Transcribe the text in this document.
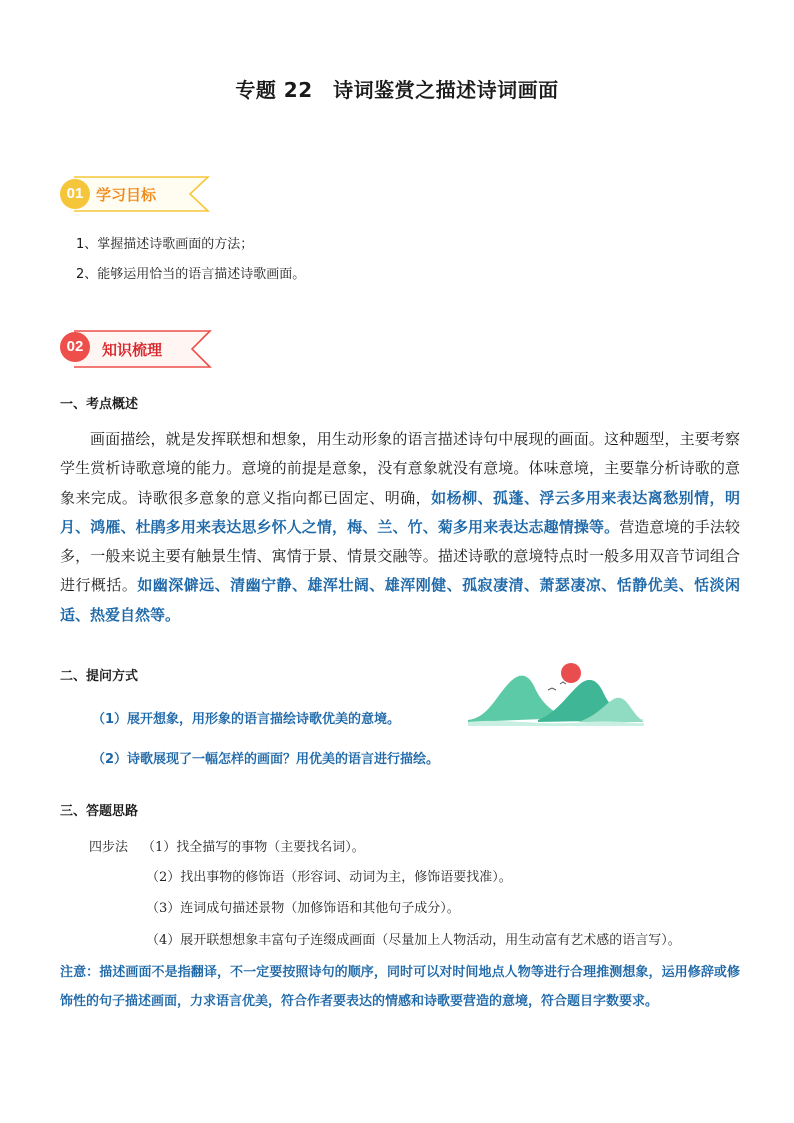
专题 22　诗词鉴赏之描述诗词画面
01 学习目标
1、掌握描述诗歌画面的方法；
2、能够运用恰当的语言描述诗歌画面。
02	知识梳理
一、考点概述

画面描绘，就是发挥联想和想象，用生动形象的语言描述诗句中展现的画面。这种题型，主要考察学生赏析诗歌意境的能力。意境的前提是意象，没有意象就没有意境。体味意境，主要靠分析诗歌的意象来完成。诗歌很多意象的意义指向都已固定、明确，如杨柳、孤蓬、浮云多用来表达离愁别情，明月、鸿雁、杜鹃多用来表达思乡怀人之情，梅、兰、竹、菊多用来表达志趣情操等。营造意境的手法较多，一般来说主要有触景生情、寓情于景、情景交融等。描述诗歌的意境特点时一般多用双音节词组合进行概括。如幽深僻远、清幽宁静、雄浑壮阔、雄浑刚健、孤寂凄清、萧瑟凄凉、恬静优美、恬淡闲适、热爱自然等。

二、提问方式
（1）展开想象，用形象的语言描绘诗歌优美的意境。
（2）诗歌展现了一幅怎样的画面？用优美的语言进行描绘。
三、答题思路
四步法 （1）找全描写的事物（主要找名词）。
（2）找出事物的修饰语（形容词、动词为主，修饰语要找准）。
（3）连词成句描述景物（加修饰语和其他句子成分）。
（4）展开联想想象丰富句子连缀成画面（尽量加上人物活动，用生动富有艺术感的语言写）。

注意：描述画面不是指翻译，不一定要按照诗句的顺序，同时可以对时间地点人物等进行合理推测想象，运用修辞或修饰性的句子描述画面，力求语言优美，符合作者要表达的情感和诗歌要营造的意境，符合题目字数要求。
